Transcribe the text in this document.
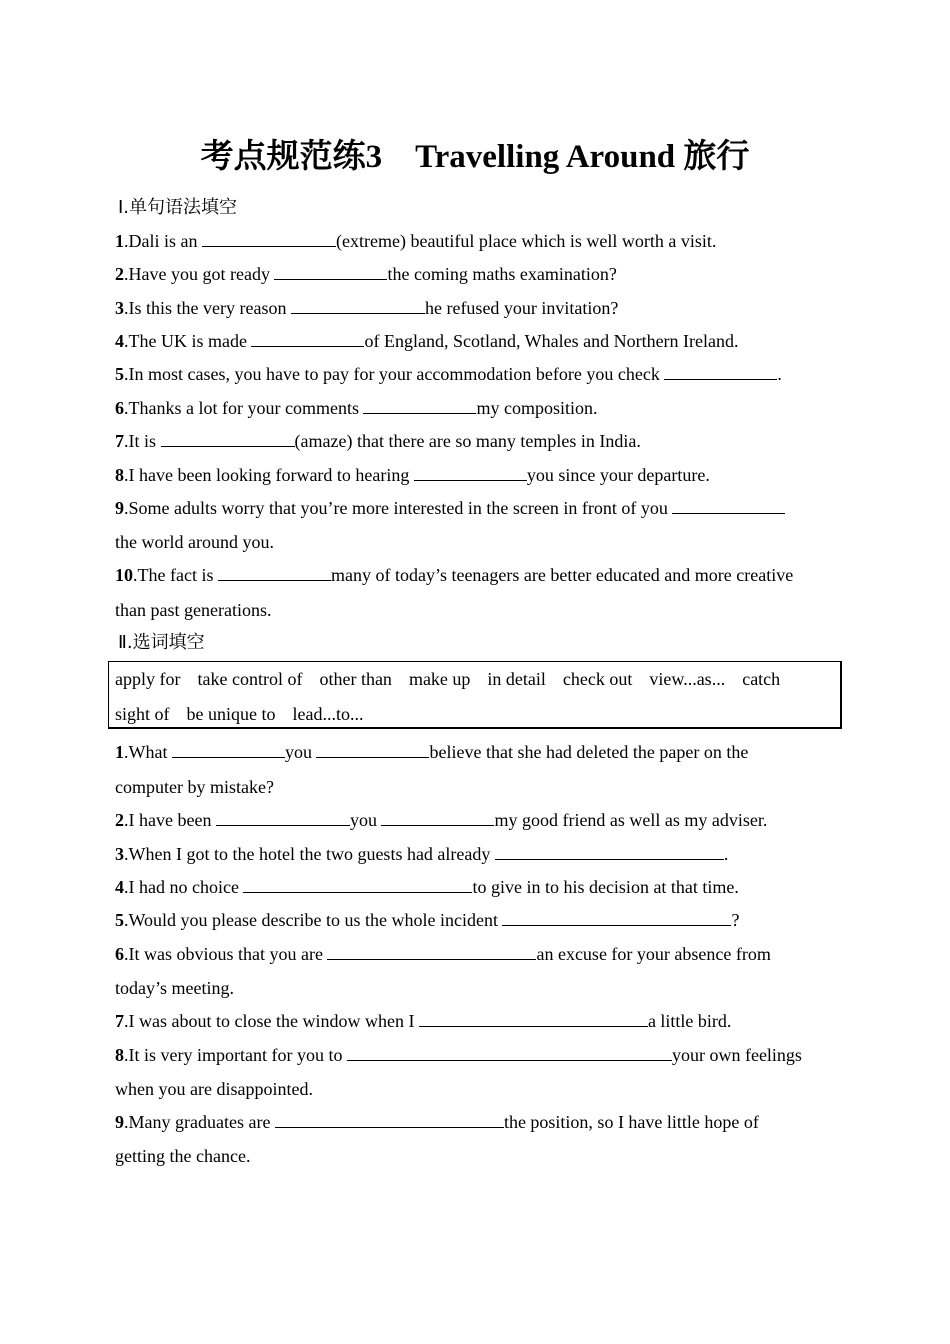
考点规范练3　Travelling Around 旅行
Ⅰ.单句语法填空
1.Dali is an	(extreme) beautiful place which is well worth a visit.
2.Have you got ready	the coming maths examination?
3.Is this the very reason	he refused your invitation?
4.The UK is made	of England, Scotland, Whales and Northern Ireland.
5.In most cases, you have to pay for your accommodation before you check	.
6.Thanks a lot for your comments	my composition.
7.It is	(amaze) that there are so many temples in India.
8.I have been looking forward to hearing	you since your departure.
9.Some adults worry that you’re more interested in the screen in front of you
the world around you.
10.The fact is	many of today’s teenagers are better educated and more creative
than past generations.
Ⅱ.选词填空
apply for take control of other than make up in detail check out view...as... catch
sight of be unique to lead...to...
1.What	you	believe that she had deleted the paper on the
computer by mistake?
2.I have been	you	my good friend as well as my adviser.
3.When I got to the hotel the two guests had already	.
4.I had no choice	to give in to his decision at that time.
5.Would you please describe to us the whole incident	?
6.It was obvious that you are	an excuse for your absence from
today’s meeting.
7.I was about to close the window when I	a little bird.
8.It is very important for you to	your own feelings
when you are disappointed.
9.Many graduates are	the position, so I have little hope of
getting the chance.
